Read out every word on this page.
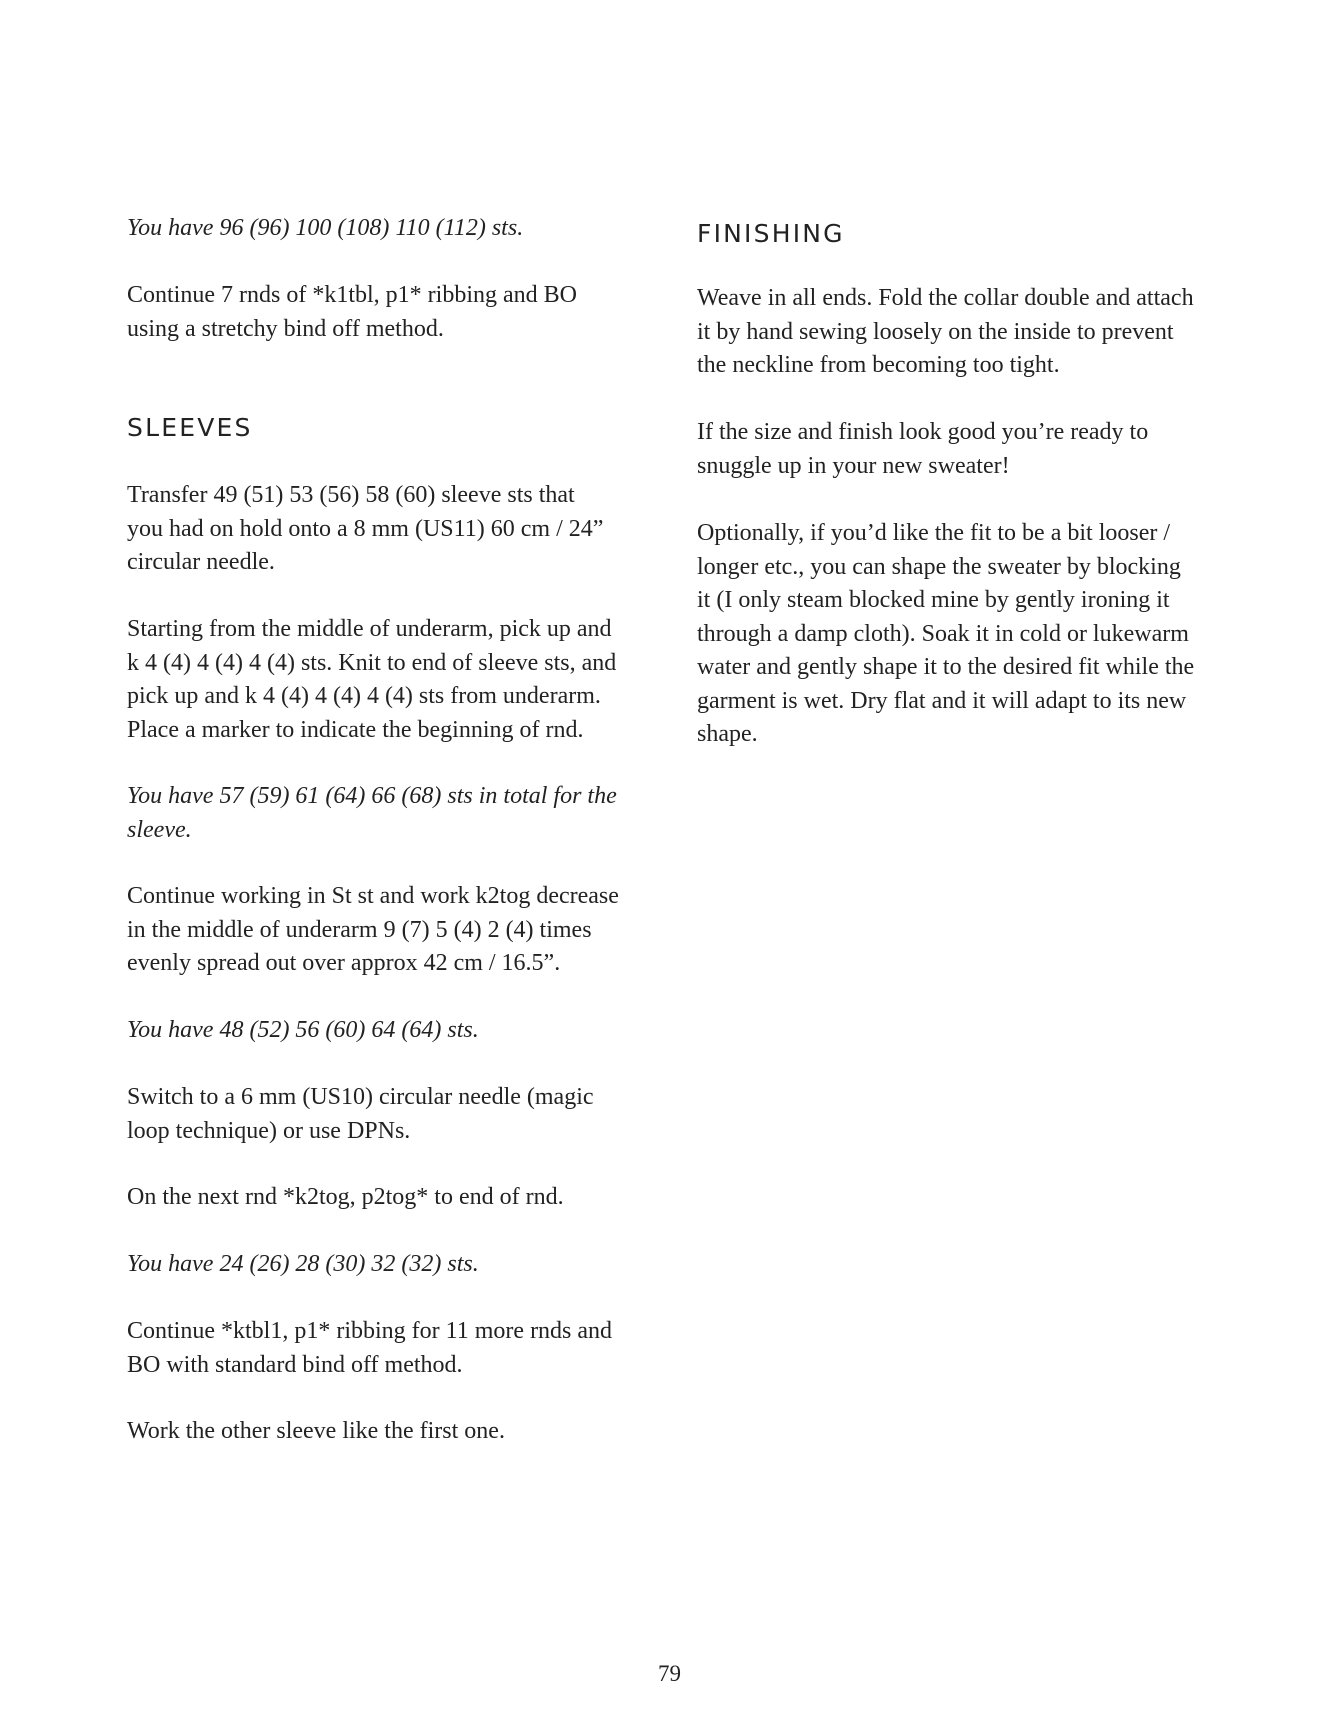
You have 96 (96) 100 (108) 110 (112) sts.

Continue 7 rnds of *k1tbl, p1* ribbing and BO
using a stretchy bind off method.

SLEEVES

Transfer 49 (51) 53 (56) 58 (60) sleeve sts that
you had on hold onto a 8 mm (US11) 60 cm / 24”
circular needle.

Starting from the middle of underarm, pick up and
k 4 (4) 4 (4) 4 (4) sts. Knit to end of sleeve sts, and
pick up and k 4 (4) 4 (4) 4 (4) sts from underarm.
Place a marker to indicate the beginning of rnd.

You have 57 (59) 61 (64) 66 (68) sts in total for the
sleeve.

Continue working in St st and work k2tog decrease
in the middle of underarm 9 (7) 5 (4) 2 (4) times
evenly spread out over approx 42 cm / 16.5”.

You have 48 (52) 56 (60) 64 (64) sts.

Switch to a 6 mm (US10) circular needle (magic
loop technique) or use DPNs.

On the next rnd *k2tog, p2tog* to end of rnd.

You have 24 (26) 28 (30) 32 (32) sts.

Continue *ktbl1, p1* ribbing for 11 more rnds and
BO with standard bind off method.

Work the other sleeve like the first one.

FINISHING

Weave in all ends. Fold the collar double and attach
it by hand sewing loosely on the inside to prevent
the neckline from becoming too tight.

If the size and finish look good you’re ready to
snuggle up in your new sweater!

Optionally, if you’d like the fit to be a bit looser /
longer etc., you can shape the sweater by blocking
it (I only steam blocked mine by gently ironing it
through a damp cloth). Soak it in cold or lukewarm
water and gently shape it to the desired fit while the
garment is wet. Dry flat and it will adapt to its new
shape.

79
